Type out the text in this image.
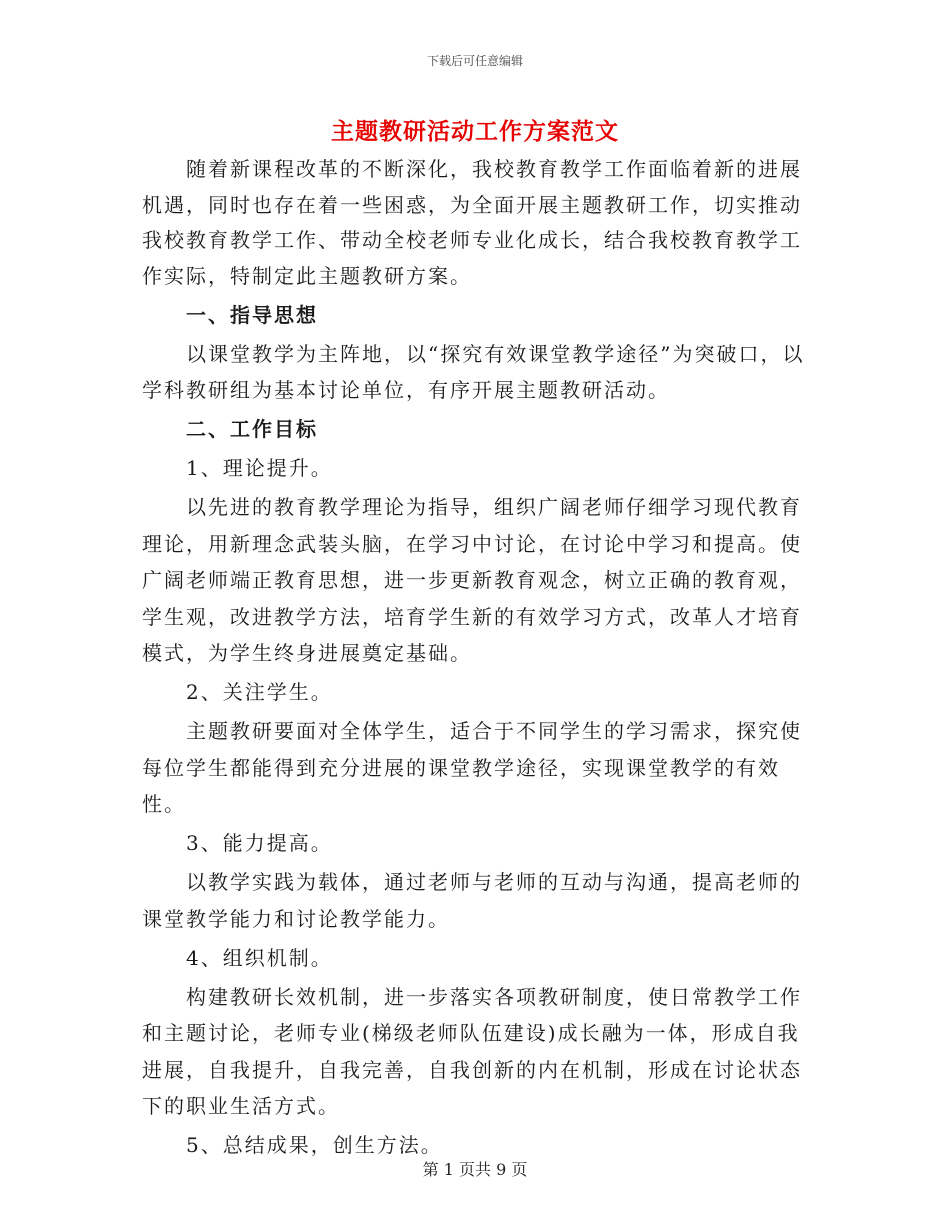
下载后可任意编辑
主题教研活动工作方案范文

随着新课程改革的不断深化，我校教育教学工作面临着新的进展机遇，同时也存在着一些困惑，为全面开展主题教研工作，切实推动我校教育教学工作、带动全校老师专业化成长，结合我校教育教学工作实际，特制定此主题教研方案。

一、指导思想

以课堂教学为主阵地，以“探究有效课堂教学途径”为突破口，以学科教研组为基本讨论单位，有序开展主题教研活动。

二、工作目标

1、理论提升。

以先进的教育教学理论为指导，组织广阔老师仔细学习现代教育理论，用新理念武装头脑，在学习中讨论，在讨论中学习和提高。使广阔老师端正教育思想，进一步更新教育观念，树立正确的教育观，学生观，改进教学方法，培育学生新的有效学习方式，改革人才培育模式，为学生终身进展奠定基础。

2、关注学生。

主题教研要面对全体学生，适合于不同学生的学习需求，探究使每位学生都能得到充分进展的课堂教学途径，实现课堂教学的有效性。

3、能力提高。

以教学实践为载体，通过老师与老师的互动与沟通，提高老师的课堂教学能力和讨论教学能力。

4、组织机制。

构建教研长效机制，进一步落实各项教研制度，使日常教学工作和主题讨论，老师专业(梯级老师队伍建设)成长融为一体，形成自我进展，自我提升，自我完善，自我创新的内在机制，形成在讨论状态下的职业生活方式。

5、总结成果，创生方法。

第 1 页共 9 页
